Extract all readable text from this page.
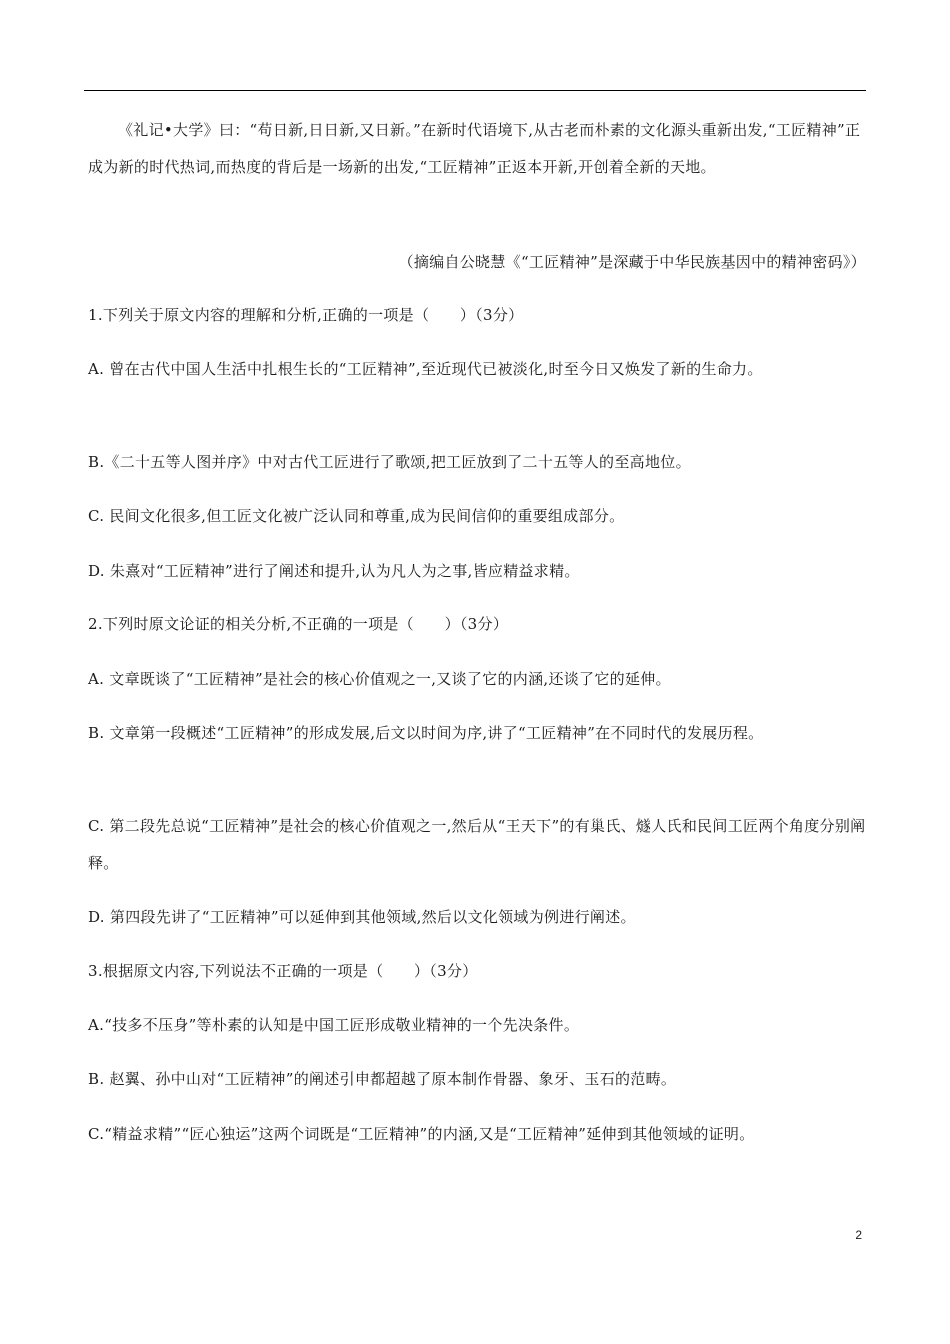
《礼记•大学》曰：“苟日新,日日新,又日新。”在新时代语境下,从古老而朴素的文化源头重新出发,“工匠精神”正成为新的时代热词,而热度的背后是一场新的出发,“工匠精神”正返本开新,开创着全新的天地。

（摘编自公晓慧《“工匠精神”是深藏于中华民族基因中的精神密码》）

1.下列关于原文内容的理解和分析,正确的一项是（　　）（3分）

A. 曾在古代中国人生活中扎根生长的“工匠精神”,至近现代已被淡化,时至今日又焕发了新的生命力。

B.《二十五等人图并序》中对古代工匠进行了歌颂,把工匠放到了二十五等人的至高地位。

C. 民间文化很多,但工匠文化被广泛认同和尊重,成为民间信仰的重要组成部分。

D. 朱熹对“工匠精神”进行了阐述和提升,认为凡人为之事,皆应精益求精。

2.下列时原文论证的相关分析,不正确的一项是（　　）（3分）

A. 文章既谈了“工匠精神”是社会的核心价值观之一,又谈了它的内涵,还谈了它的延伸。

B. 文章第一段概述“工匠精神”的形成发展,后文以时间为序,讲了“工匠精神”在不同时代的发展历程。

C. 第二段先总说“工匠精神”是社会的核心价值观之一,然后从“王天下”的有巢氏、燧人氏和民间工匠两个角度分别阐释。

D. 第四段先讲了“工匠精神”可以延伸到其他领域,然后以文化领域为例进行阐述。

3.根据原文内容,下列说法不正确的一项是（　　）（3分）

A.“技多不压身”等朴素的认知是中国工匠形成敬业精神的一个先决条件。

B. 赵翼、孙中山对“工匠精神”的阐述引申都超越了原本制作骨器、象牙、玉石的范畴。

C.“精益求精”“匠心独运”这两个词既是“工匠精神”的内涵,又是“工匠精神”延伸到其他领域的证明。

2
